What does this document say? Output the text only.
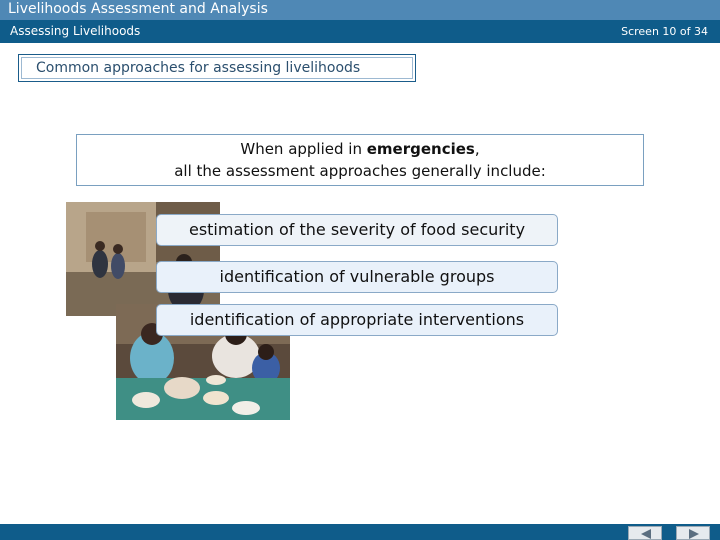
Livelihoods Assessment and Analysis
Assessing Livelihoods	Screen 10 of 34
Common approaches for assessing livelihoods
When applied in emergencies,
all the assessment approaches generally include:
estimation of the severity of food security
identification of vulnerable groups
identification of appropriate interventions
